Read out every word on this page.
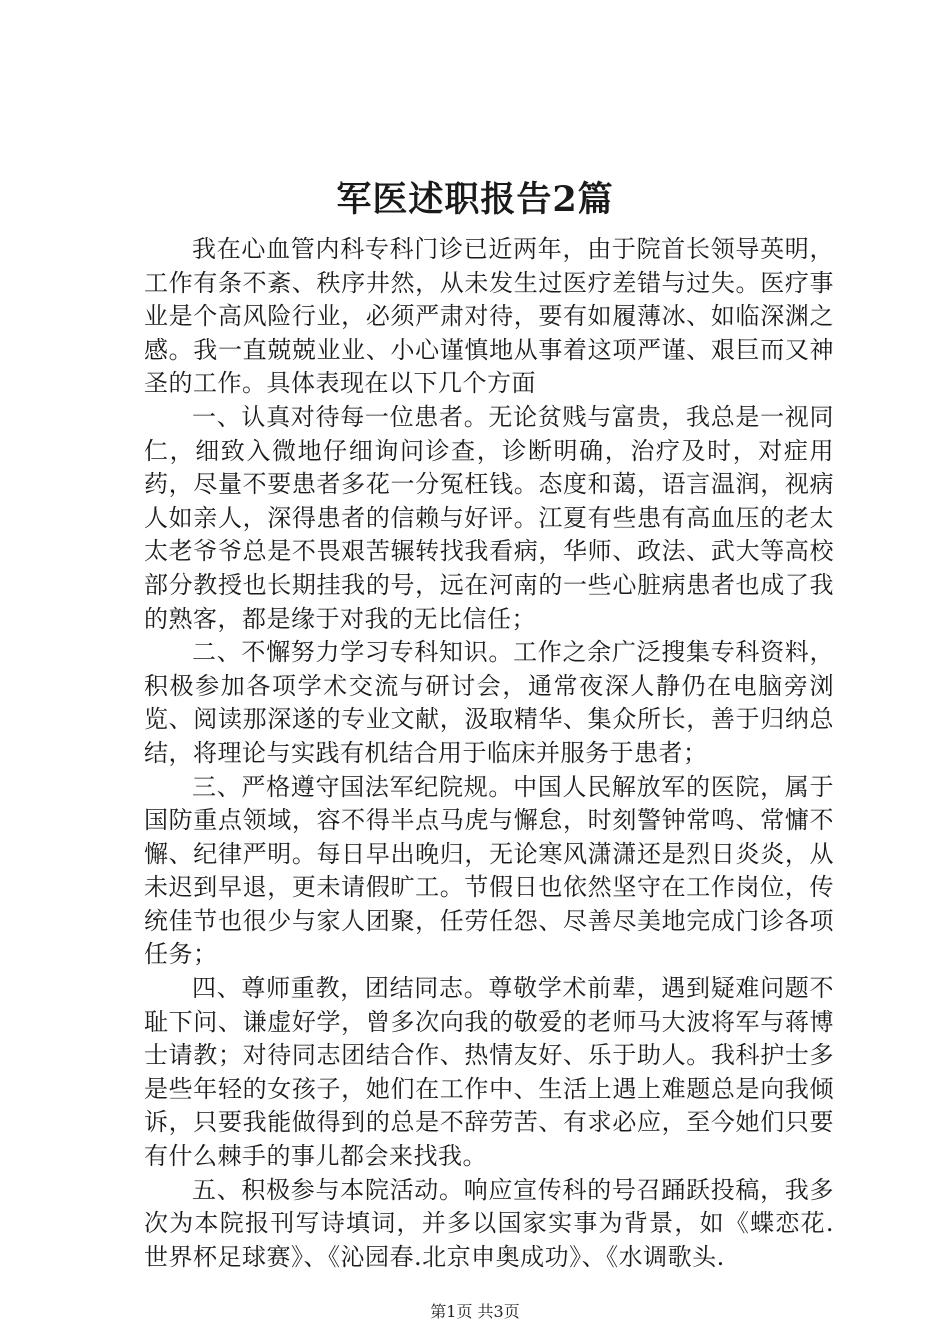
军医述职报告2篇

我在心血管内科专科门诊已近两年，由于院首长领导英明，工作有条不紊、秩序井然，从未发生过医疗差错与过失。医疗事业是个高风险行业，必须严肃对待，要有如履薄冰、如临深渊之感。我一直兢兢业业、小心谨慎地从事着这项严谨、艰巨而又神圣的工作。具体表现在以下几个方面

一、认真对待每一位患者。无论贫贱与富贵，我总是一视同仁，细致入微地仔细询问诊查，诊断明确，治疗及时，对症用药，尽量不要患者多花一分冤枉钱。态度和蔼，语言温润，视病人如亲人，深得患者的信赖与好评。江夏有些患有高血压的老太太老爷爷总是不畏艰苦辗转找我看病，华师、政法、武大等高校部分教授也长期挂我的号，远在河南的一些心脏病患者也成了我的熟客，都是缘于对我的无比信任；

二、不懈努力学习专科知识。工作之余广泛搜集专科资料，积极参加各项学术交流与研讨会，通常夜深人静仍在电脑旁浏览、阅读那深遂的专业文献，汲取精华、集众所长，善于归纳总结，将理论与实践有机结合用于临床并服务于患者；

三、严格遵守国法军纪院规。中国人民解放军的医院，属于国防重点领域，容不得半点马虎与懈怠，时刻警钟常鸣、常慵不懈、纪律严明。每日早出晚归，无论寒风潇潇还是烈日炎炎，从未迟到早退，更未请假旷工。节假日也依然坚守在工作岗位，传统佳节也很少与家人团聚，任劳任怨、尽善尽美地完成门诊各项任务；

四、尊师重教，团结同志。尊敬学术前辈，遇到疑难问题不耻下问、谦虚好学，曾多次向我的敬爱的老师马大波将军与蒋博士请教；对待同志团结合作、热情友好、乐于助人。我科护士多是些年轻的女孩子，她们在工作中、生活上遇上难题总是向我倾诉，只要我能做得到的总是不辞劳苦、有求必应，至今她们只要有什么棘手的事儿都会来找我。

五、积极参与本院活动。响应宣传科的号召踊跃投稿，我多次为本院报刊写诗填词，并多以国家实事为背景，如《蝶恋花.世界杯足球赛》、《沁园春.北京申奥成功》、《水调歌头.

第1页 共3页
